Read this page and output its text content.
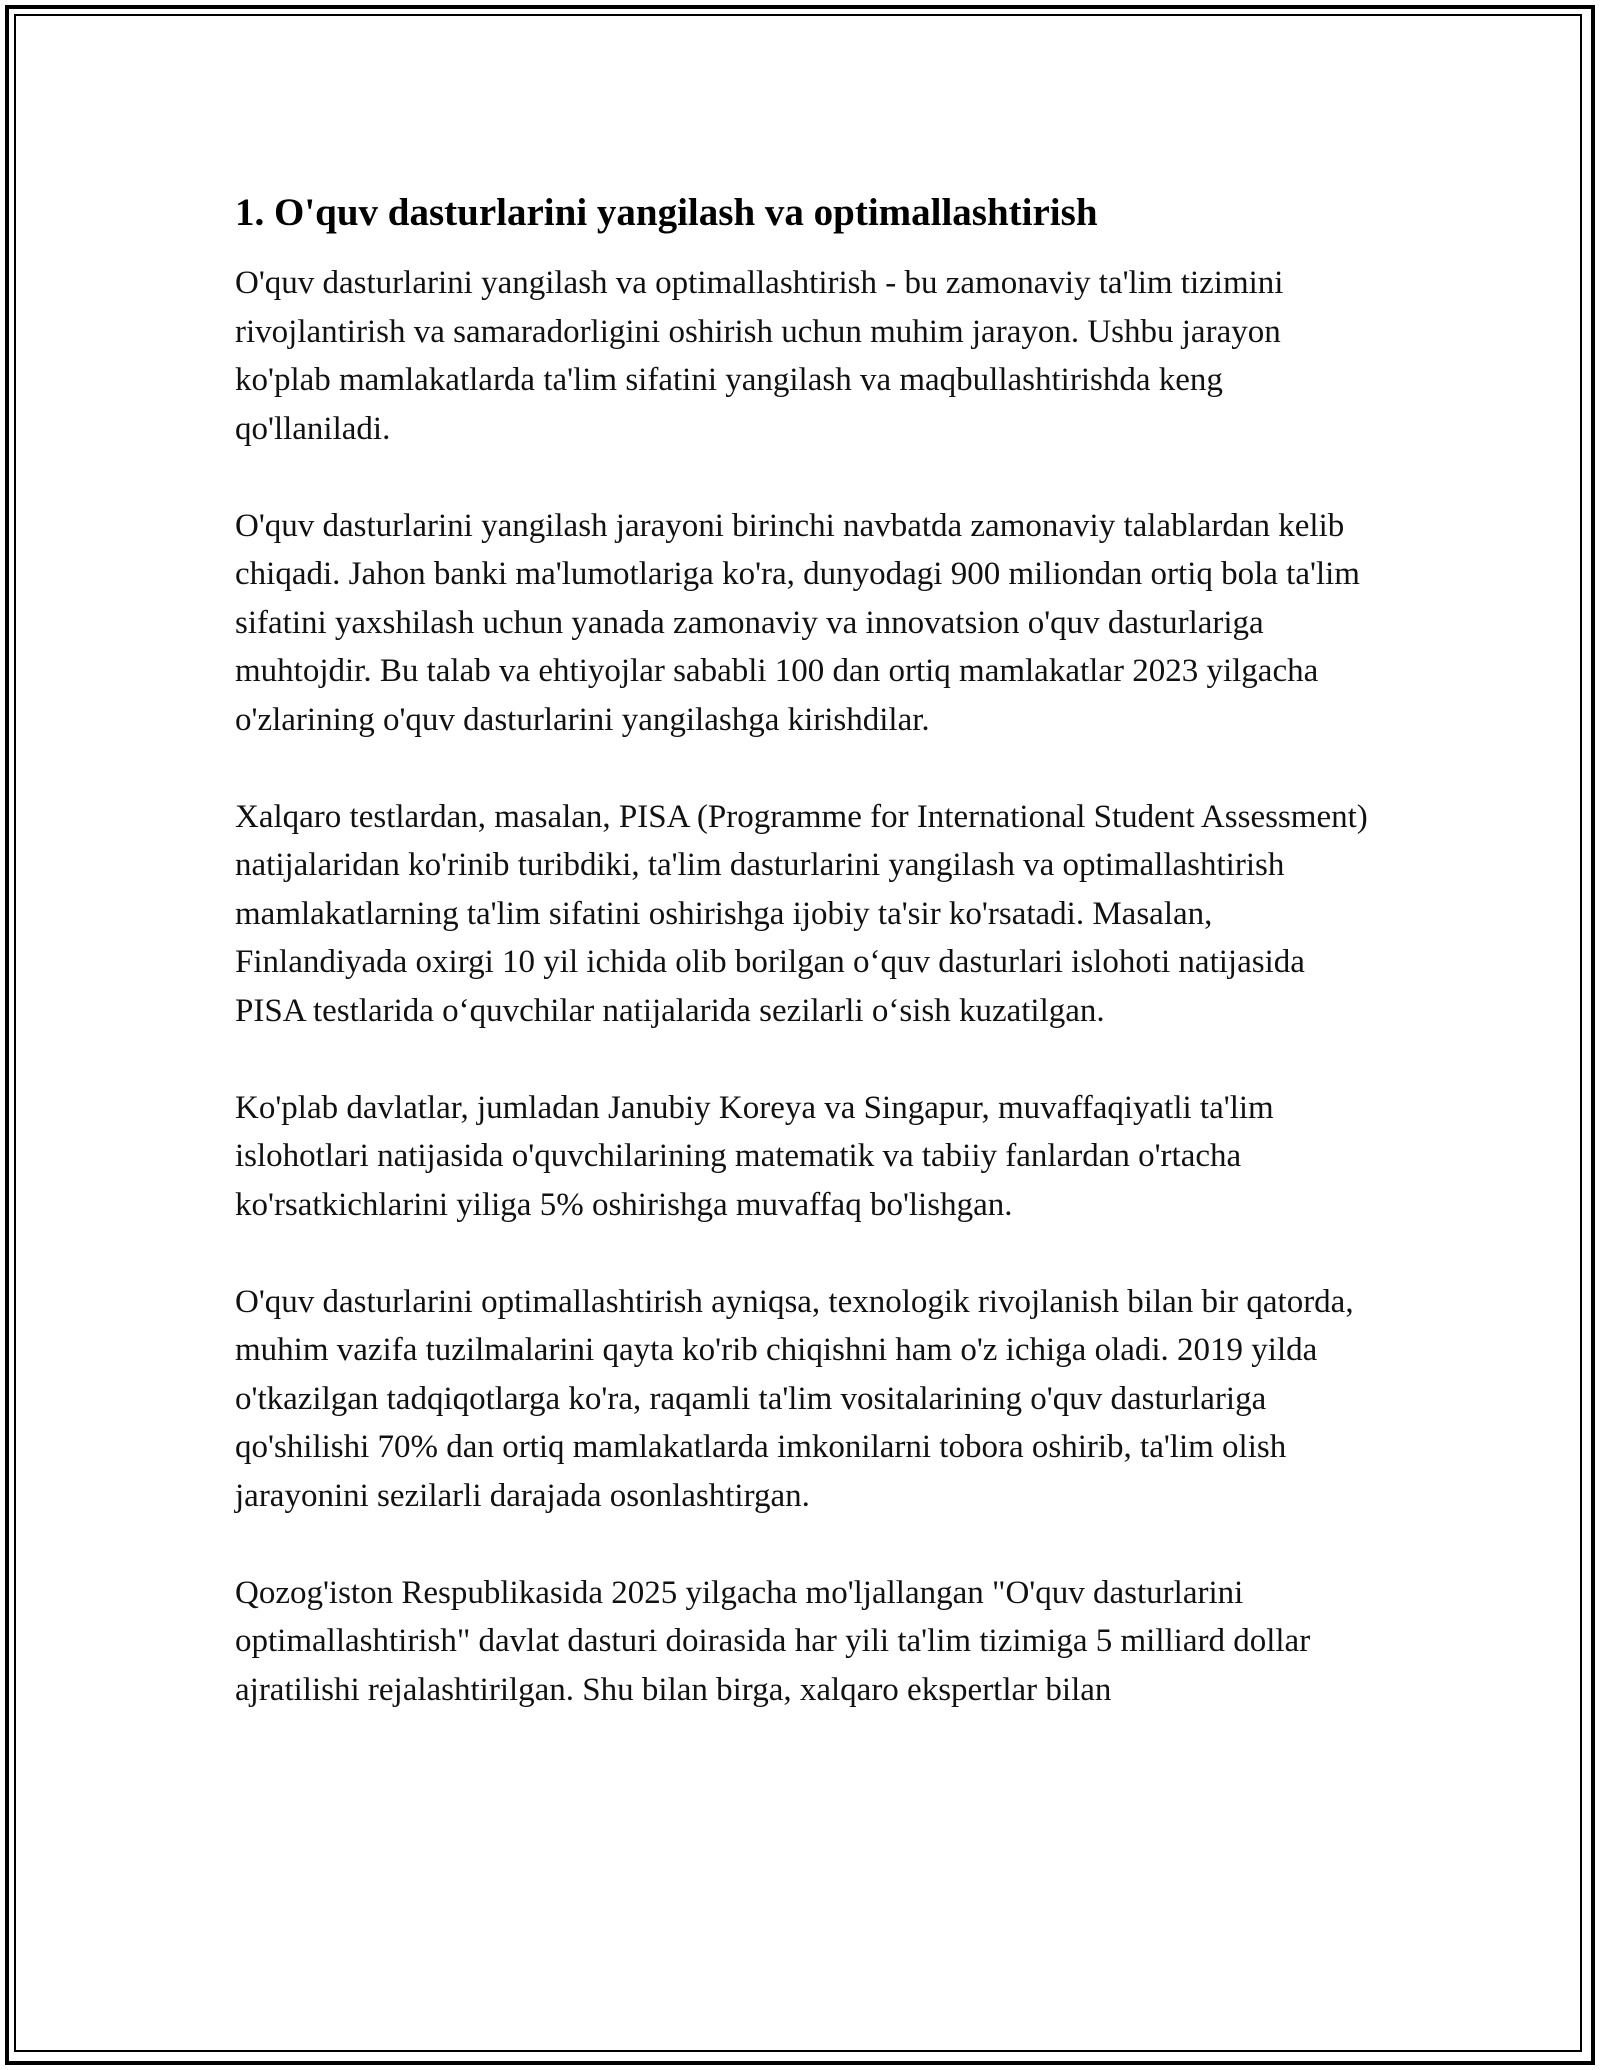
1. O'quv dasturlarini yangilash va optimallashtirish

O'quv dasturlarini yangilash va optimallashtirish - bu zamonaviy ta'lim tizimini rivojlantirish va samaradorligini oshirish uchun muhim jarayon. Ushbu jarayon ko'plab mamlakatlarda ta'lim sifatini yangilash va maqbullashtirishda keng qo'llaniladi.

O'quv dasturlarini yangilash jarayoni birinchi navbatda zamonaviy talablardan kelib chiqadi. Jahon banki ma'lumotlariga ko'ra, dunyodagi 900 miliondan ortiq bola ta'lim sifatini yaxshilash uchun yanada zamonaviy va innovatsion o'quv dasturlariga muhtojdir. Bu talab va ehtiyojlar sababli 100 dan ortiq mamlakatlar 2023 yilgacha o'zlarining o'quv dasturlarini yangilashga kirishdilar.

Xalqaro testlardan, masalan, PISA (Programme for International Student Assessment) natijalaridan ko'rinib turibdiki, ta'lim dasturlarini yangilash va optimallashtirish mamlakatlarning ta'lim sifatini oshirishga ijobiy ta'sir ko'rsatadi. Masalan, Finlandiyada oxirgi 10 yil ichida olib borilgan o‘quv dasturlari islohoti natijasida PISA testlarida o‘quvchilar natijalarida sezilarli o‘sish kuzatilgan.

Ko'plab davlatlar, jumladan Janubiy Koreya va Singapur, muvaffaqiyatli ta'lim islohotlari natijasida o'quvchilarining matematik va tabiiy fanlardan o'rtacha ko'rsatkichlarini yiliga 5% oshirishga muvaffaq bo'lishgan.

O'quv dasturlarini optimallashtirish ayniqsa, texnologik rivojlanish bilan bir qatorda, muhim vazifa tuzilmalarini qayta ko'rib chiqishni ham o'z ichiga oladi. 2019 yilda o'tkazilgan tadqiqotlarga ko'ra, raqamli ta'lim vositalarining o'quv dasturlariga qo'shilishi 70% dan ortiq mamlakatlarda imkonilarni tobora oshirib, ta'lim olish jarayonini sezilarli darajada osonlashtirgan.

Qozog'iston Respublikasida 2025 yilgacha mo'ljallangan "O'quv dasturlarini optimallashtirish" davlat dasturi doirasida har yili ta'lim tizimiga 5 milliard dollar ajratilishi rejalashtirilgan. Shu bilan birga, xalqaro ekspertlar bilan
